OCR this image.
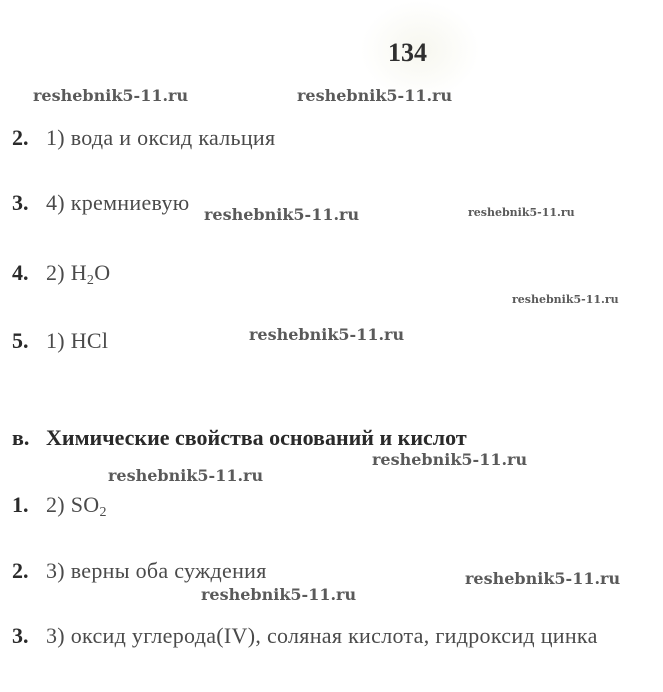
134
reshebnik5-11.ru	reshebnik5-11.ru
reshebnik5-11.ru	reshebnik5-11.ru
reshebnik5-11.ru
reshebnik5-11.ru
reshebnik5-11.ru
reshebnik5-11.ru
reshebnik5-11.ru
reshebnik5-11.ru
2. 1) вода и оксид кальция
3. 4) кремниевую
4. 2) $H_2O$
5. 1) HCl
в. Химические свойства оснований и кислот
1. 2) $SO_2$
2. 3) верны оба суждения
3. 3) оксид углерода(IV), соляная кислота, гидроксид цинка
